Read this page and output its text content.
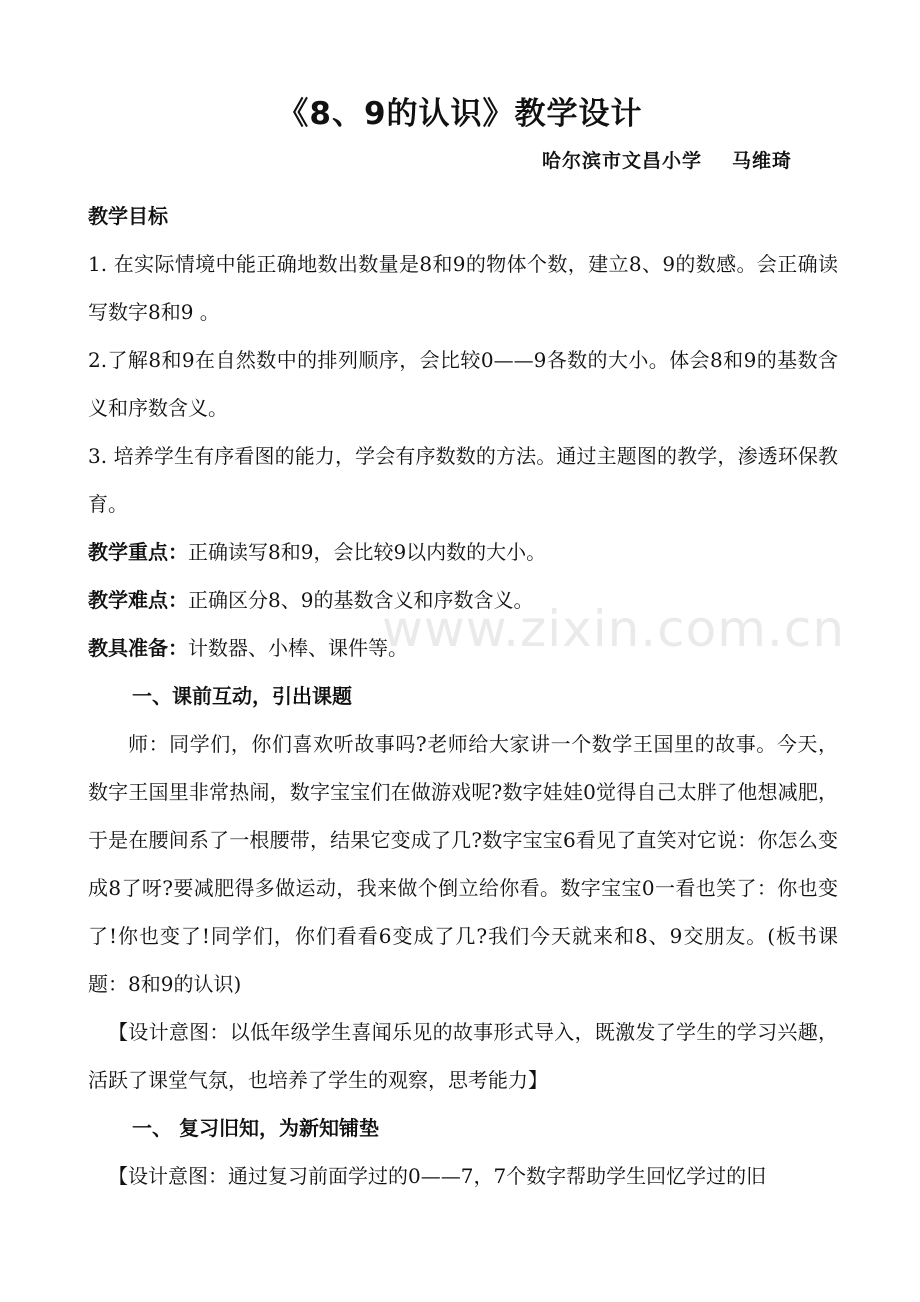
《8、9的认识》教学设计
哈尔滨市文昌小学 马维琦

教学目标

1. 在实际情境中能正确地数出数量是8和9的物体个数，建立8、9的数感。会正确读写数字8和9 。

2.了解8和9在自然数中的排列顺序，会比较0——9各数的大小。体会8和9的基数含义和序数含义。

3. 培养学生有序看图的能力，学会有序数数的方法。通过主题图的教学，渗透环保教育。

教学重点：正确读写8和9，会比较9以内数的大小。

教学难点：正确区分8、9的基数含义和序数含义。

教具准备：计数器、小棒、课件等。

一、课前互动，引出课题

师：同学们，你们喜欢听故事吗?老师给大家讲一个数学王国里的故事。今天，数字王国里非常热闹，数字宝宝们在做游戏呢?数字娃娃0觉得自己太胖了他想减肥，于是在腰间系了一根腰带，结果它变成了几?数字宝宝6看见了直笑对它说：你怎么变成8了呀?要减肥得多做运动，我来做个倒立给你看。数字宝宝0一看也笑了：你也变了!你也变了!同学们，你们看看6变成了几?我们今天就来和8、9交朋友。(板书课题：8和9的认识)

【设计意图：以低年级学生喜闻乐见的故事形式导入，既激发了学生的学习兴趣，活跃了课堂气氛，也培养了学生的观察，思考能力】

一、 复习旧知，为新知铺垫

【设计意图：通过复习前面学过的0——7，7个数字帮助学生回忆学过的旧

www.zixin.com.cn
